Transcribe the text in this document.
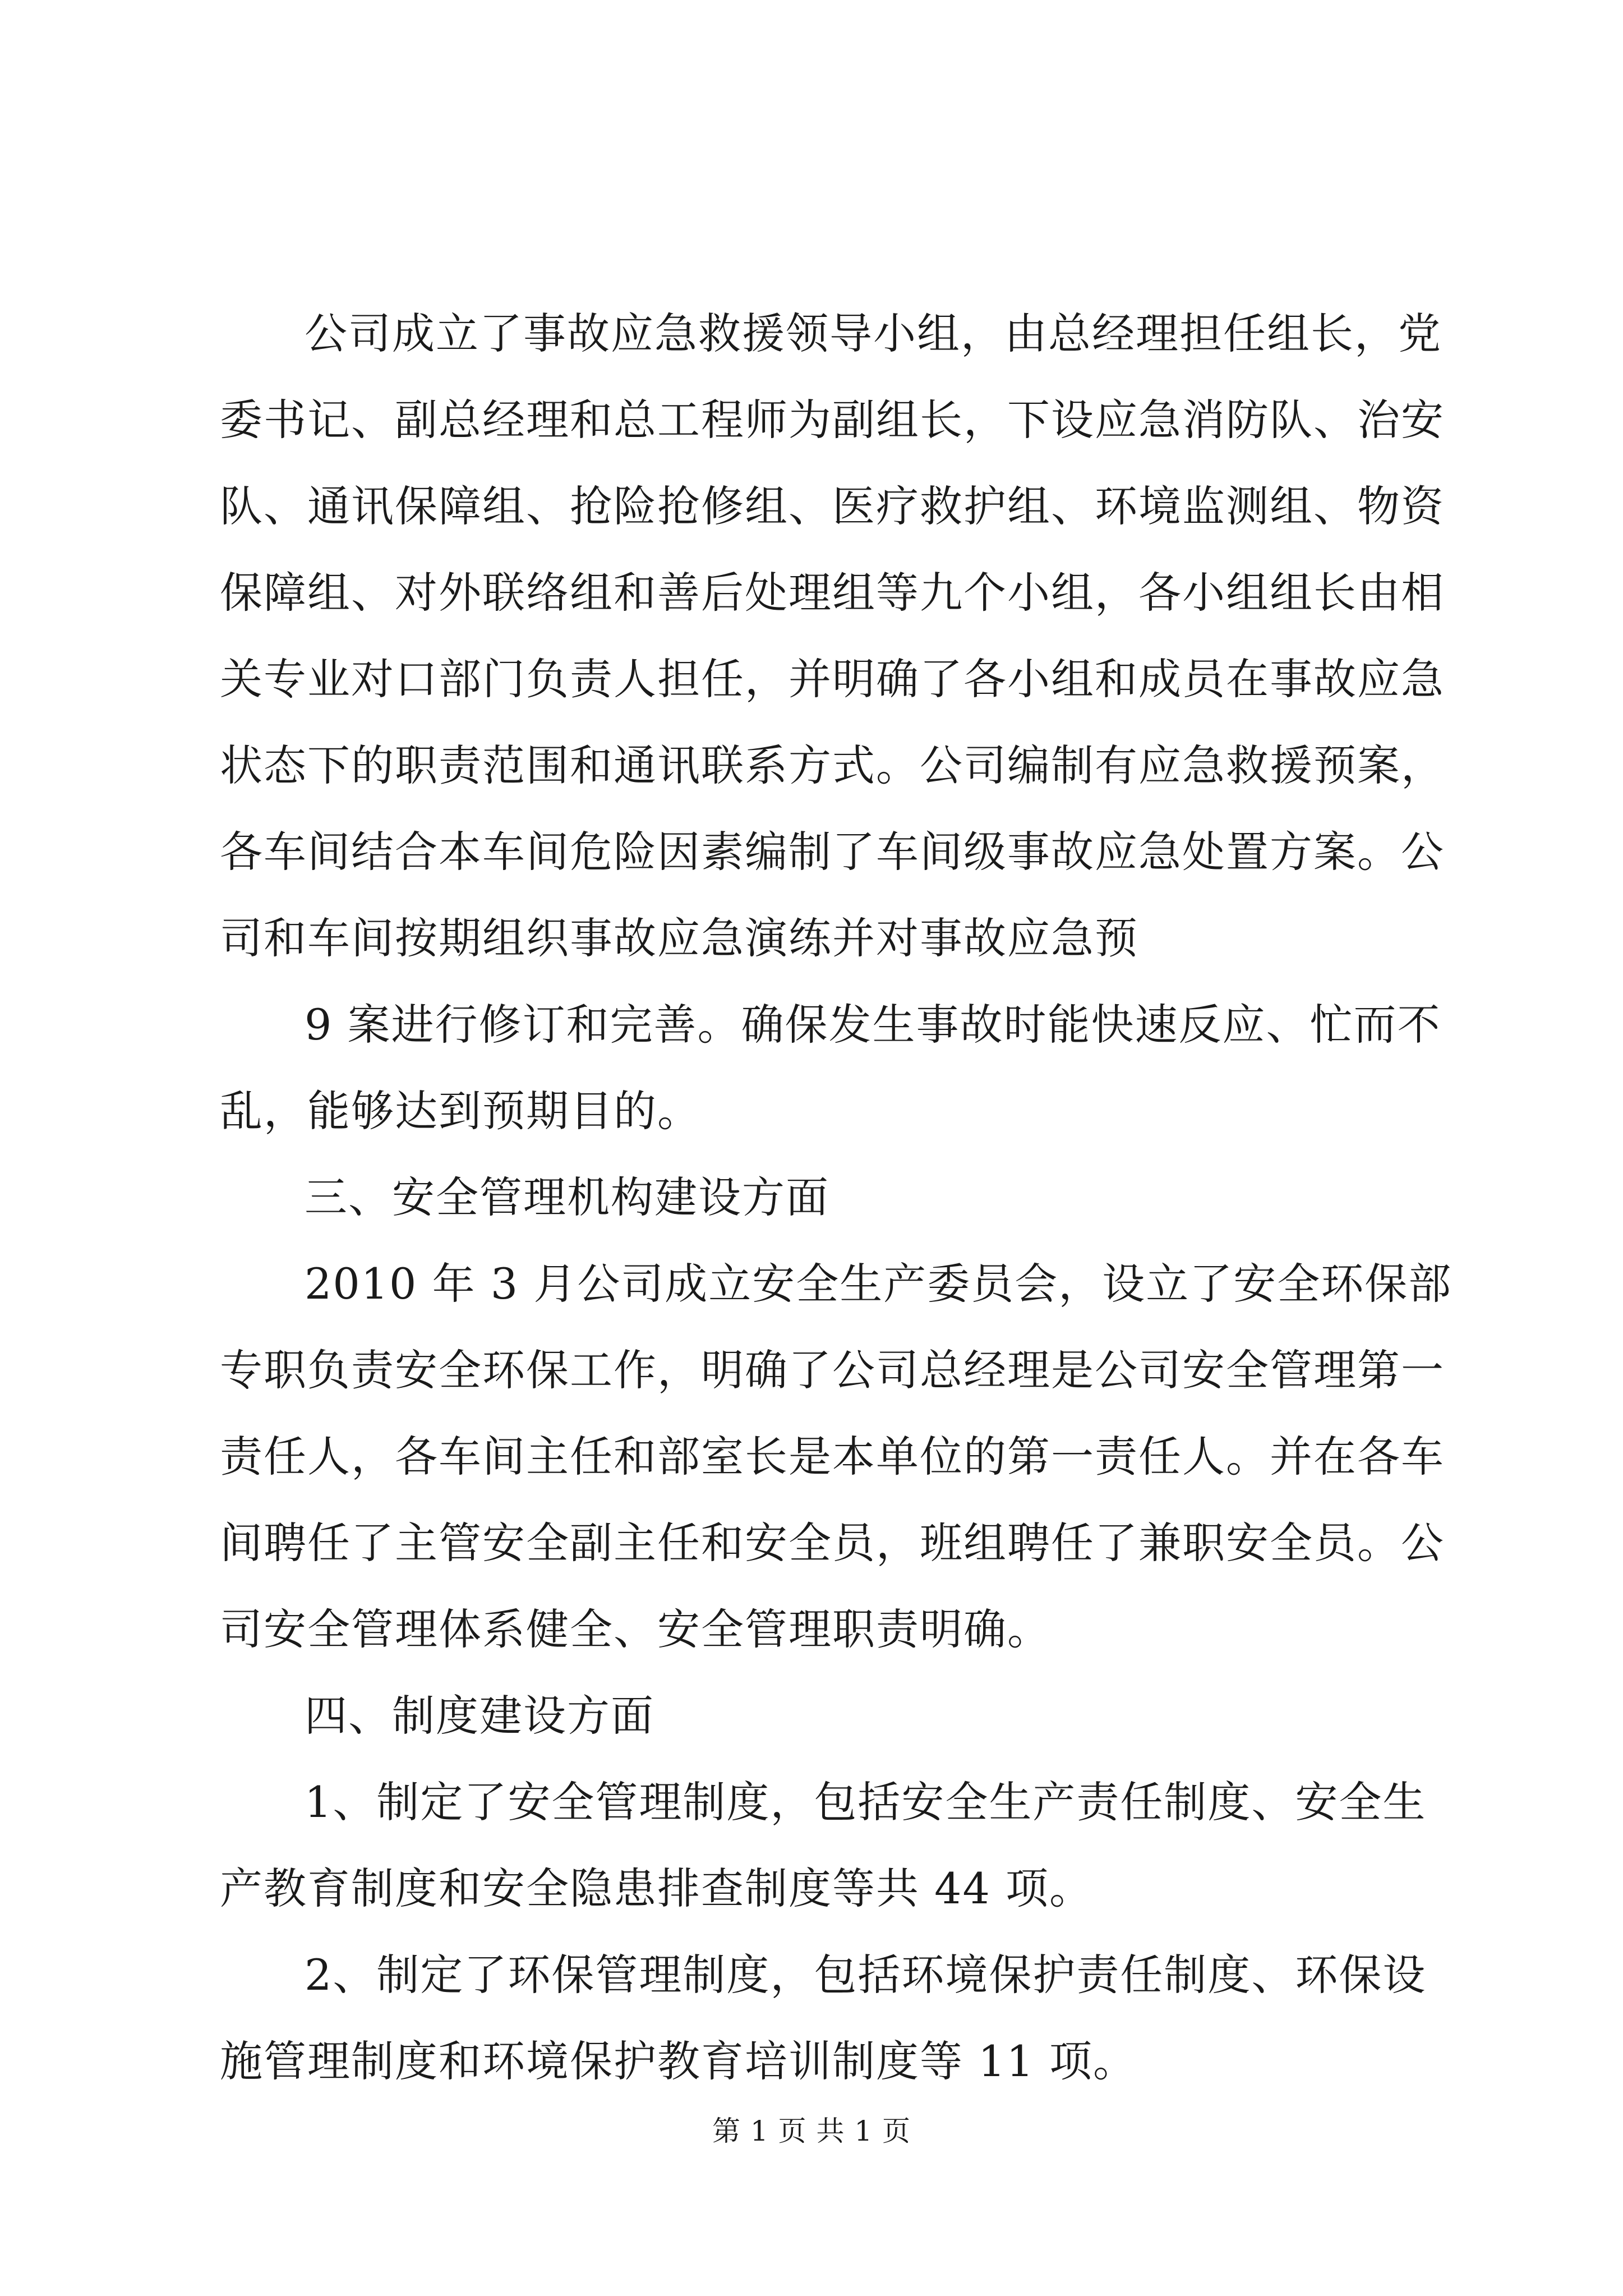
公司成立了事故应急救援领导小组，由总经理担任组长，党
委书记、副总经理和总工程师为副组长，下设应急消防队、治安
队、通讯保障组、抢险抢修组、医疗救护组、环境监测组、物资
保障组、对外联络组和善后处理组等九个小组，各小组组长由相
关专业对口部门负责人担任，并明确了各小组和成员在事故应急
状态下的职责范围和通讯联系方式。公司编制有应急救援预案，
各车间结合本车间危险因素编制了车间级事故应急处置方案。公
司和车间按期组织事故应急演练并对事故应急预
9 案进行修订和完善。确保发生事故时能快速反应、忙而不
乱，能够达到预期目的。
三、安全管理机构建设方面
2010 年 3 月公司成立安全生产委员会，设立了安全环保部
专职负责安全环保工作，明确了公司总经理是公司安全管理第一
责任人，各车间主任和部室长是本单位的第一责任人。并在各车
间聘任了主管安全副主任和安全员，班组聘任了兼职安全员。公
司安全管理体系健全、安全管理职责明确。
四、制度建设方面
1、制定了安全管理制度，包括安全生产责任制度、安全生
产教育制度和安全隐患排查制度等共 44 项。
2、制定了环保管理制度，包括环境保护责任制度、环保设
施管理制度和环境保护教育培训制度等 11 项。
第 1 页 共 1 页
